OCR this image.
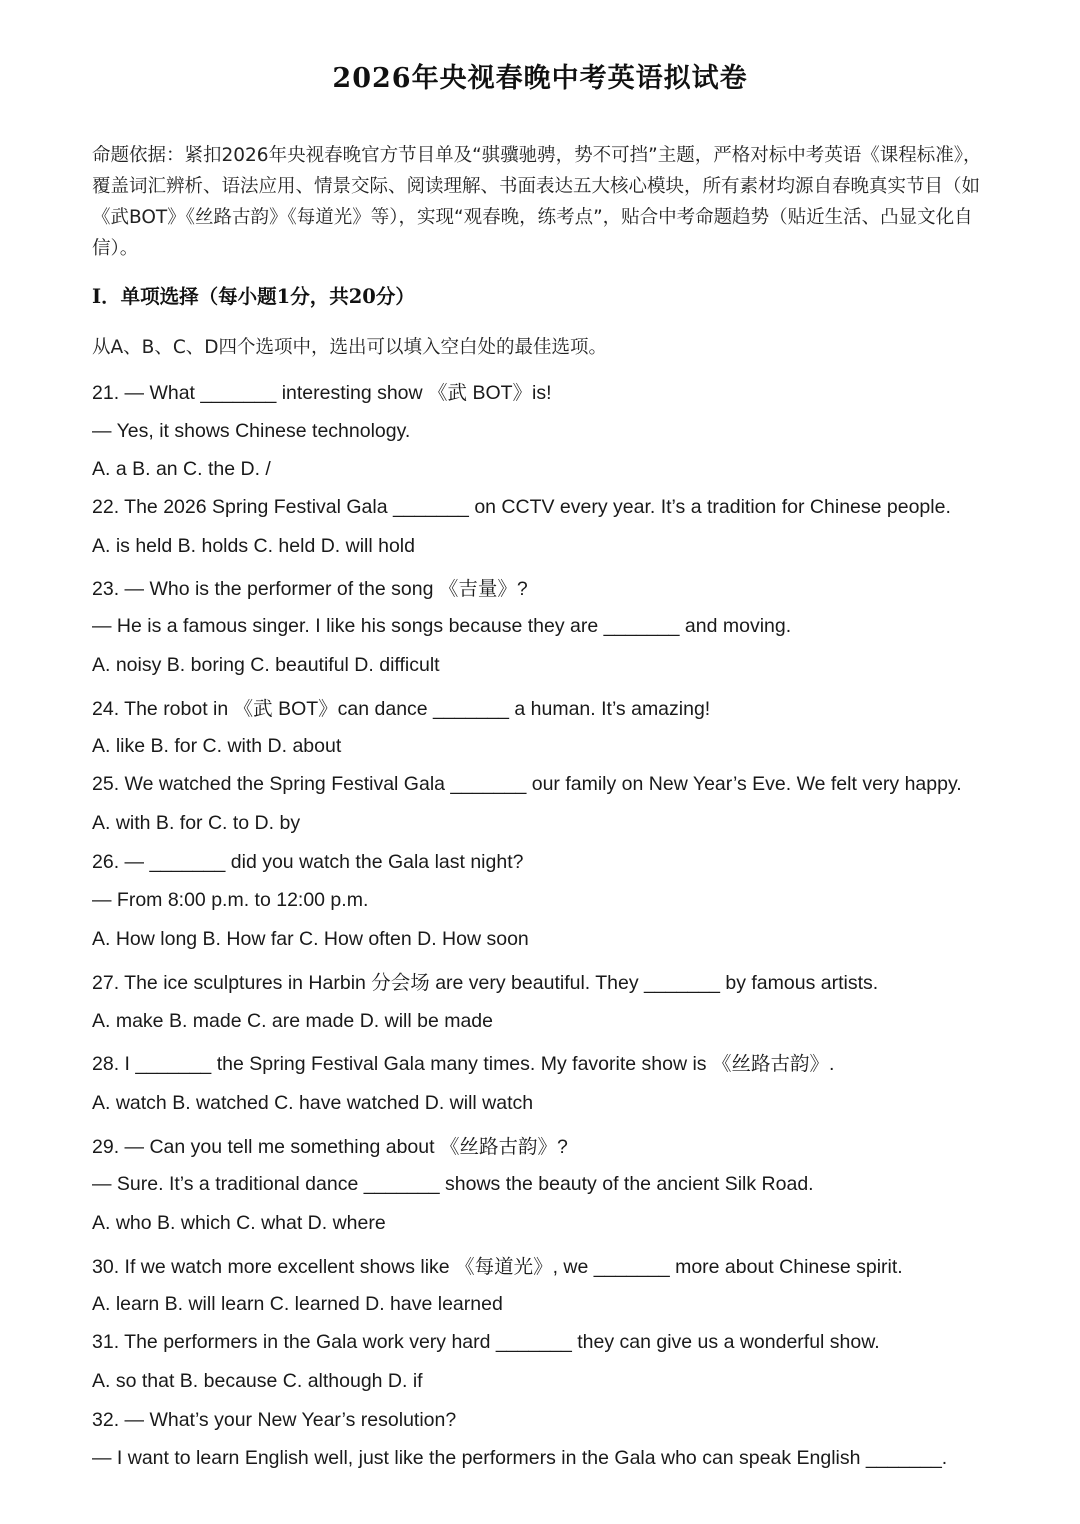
2026年央视春晚中考英语拟试卷
命题依据：紧扣2026年央视春晚官方节目单及“骐骥驰骋，势不可挡”主题，严格对标中考英语《课程标准》，覆盖词汇辨析、语法应用、情景交际、阅读理解、书面表达五大核心模块，所有素材均源自春晚真实节目（如《武BOT》《丝路古韵》《每道光》等），实现“观春晚，练考点”，贴合中考命题趋势（贴近生活、凸显文化自信）。
Ⅰ．单项选择（每小题1分，共20分）
从A、B、C、D四个选项中，选出可以填入空白处的最佳选项。
21. — What _______ interesting show 《武 BOT》is!
— Yes, it shows Chinese technology.
A. a B. an C. the D. /
22. The 2026 Spring Festival Gala _______ on CCTV every year. It’s a tradition for Chinese people.
A. is held B. holds C. held D. will hold
23. — Who is the performer of the song 《吉量》?
— He is a famous singer. I like his songs because they are _______ and moving.
A. noisy B. boring C. beautiful D. difficult
24. The robot in 《武 BOT》can dance _______ a human. It’s amazing!
A. like B. for C. with D. about
25. We watched the Spring Festival Gala _______ our family on New Year’s Eve. We felt very happy.
A. with B. for C. to D. by
26. — _______ did you watch the Gala last night?
— From 8:00 p.m. to 12:00 p.m.
A. How long B. How far C. How often D. How soon
27. The ice sculptures in Harbin 分会场 are very beautiful. They _______ by famous artists.
A. make B. made C. are made D. will be made
28. I _______ the Spring Festival Gala many times. My favorite show is 《丝路古韵》.
A. watch B. watched C. have watched D. will watch
29. — Can you tell me something about 《丝路古韵》?
— Sure. It’s a traditional dance _______ shows the beauty of the ancient Silk Road.
A. who B. which C. what D. where
30. If we watch more excellent shows like 《每道光》, we _______ more about Chinese spirit.
A. learn B. will learn C. learned D. have learned
31. The performers in the Gala work very hard _______ they can give us a wonderful show.
A. so that B. because C. although D. if
32. — What’s your New Year’s resolution?
— I want to learn English well, just like the performers in the Gala who can speak English _______.
